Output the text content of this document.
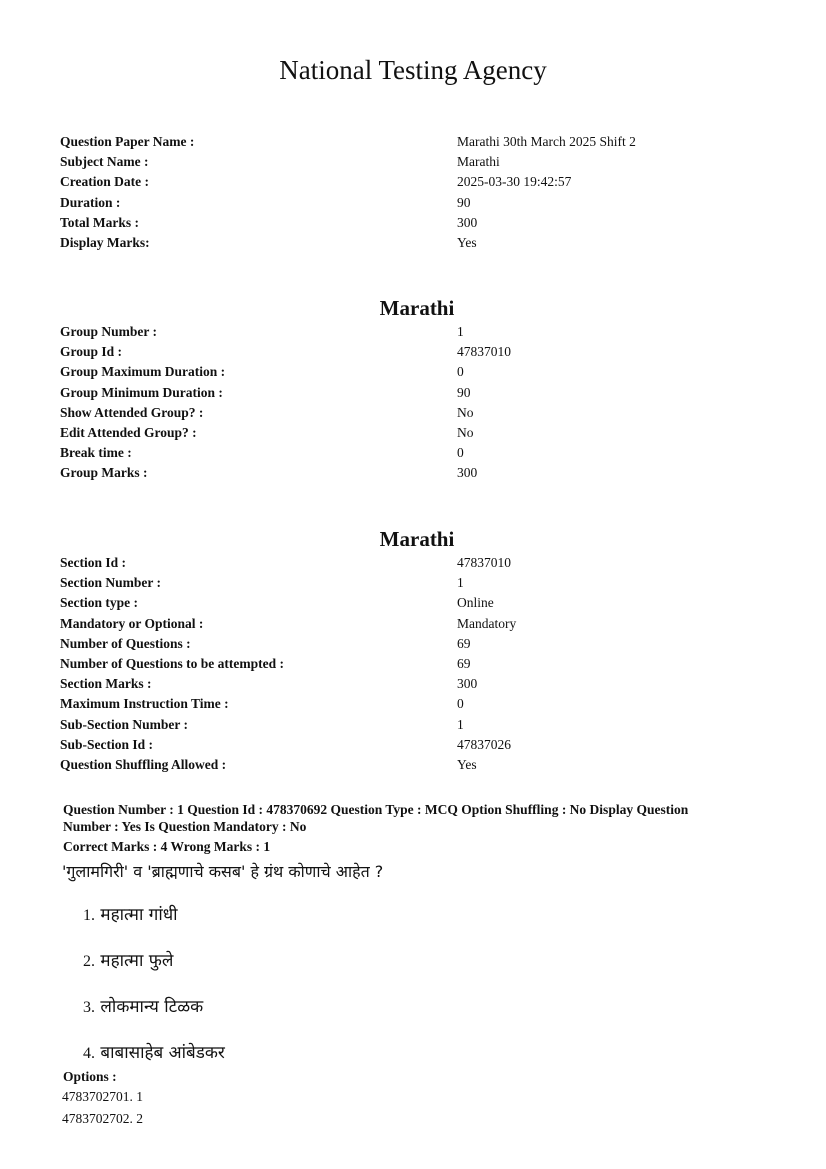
National Testing Agency
Question Paper Name :	Marathi 30th March 2025 Shift 2
Subject Name :	Marathi
Creation Date :	2025-03-30 19:42:57
Duration :	90
Total Marks :	300
Display Marks:	Yes
Marathi
Group Number :	1
Group Id :	47837010
Group Maximum Duration :	0
Group Minimum Duration :	90
Show Attended Group? :	No
Edit Attended Group? :	No
Break time :	0
Group Marks :	300
Marathi
Section Id :	47837010
Section Number :	1
Section type :	Online
Mandatory or Optional :	Mandatory
Number of Questions :	69
Number of Questions to be attempted :	69
Section Marks :	300
Maximum Instruction Time :	0
Sub-Section Number :	1
Sub-Section Id :	47837026
Question Shuffling Allowed :	Yes
Question Number : 1 Question Id : 478370692 Question Type : MCQ Option Shuffling : No Display Question
Number : Yes Is Question Mandatory : No
Correct Marks : 4 Wrong Marks : 1
'गुलामगिरी' व 'ब्राह्मणाचे कसब' हे ग्रंथ कोणाचे आहेत ?
1. महात्मा गांधी
2. महात्मा फुले
3. लोकमान्य टिळक
4. बाबासाहेब आंबेडकर
Options :
4783702701. 1
4783702702. 2
